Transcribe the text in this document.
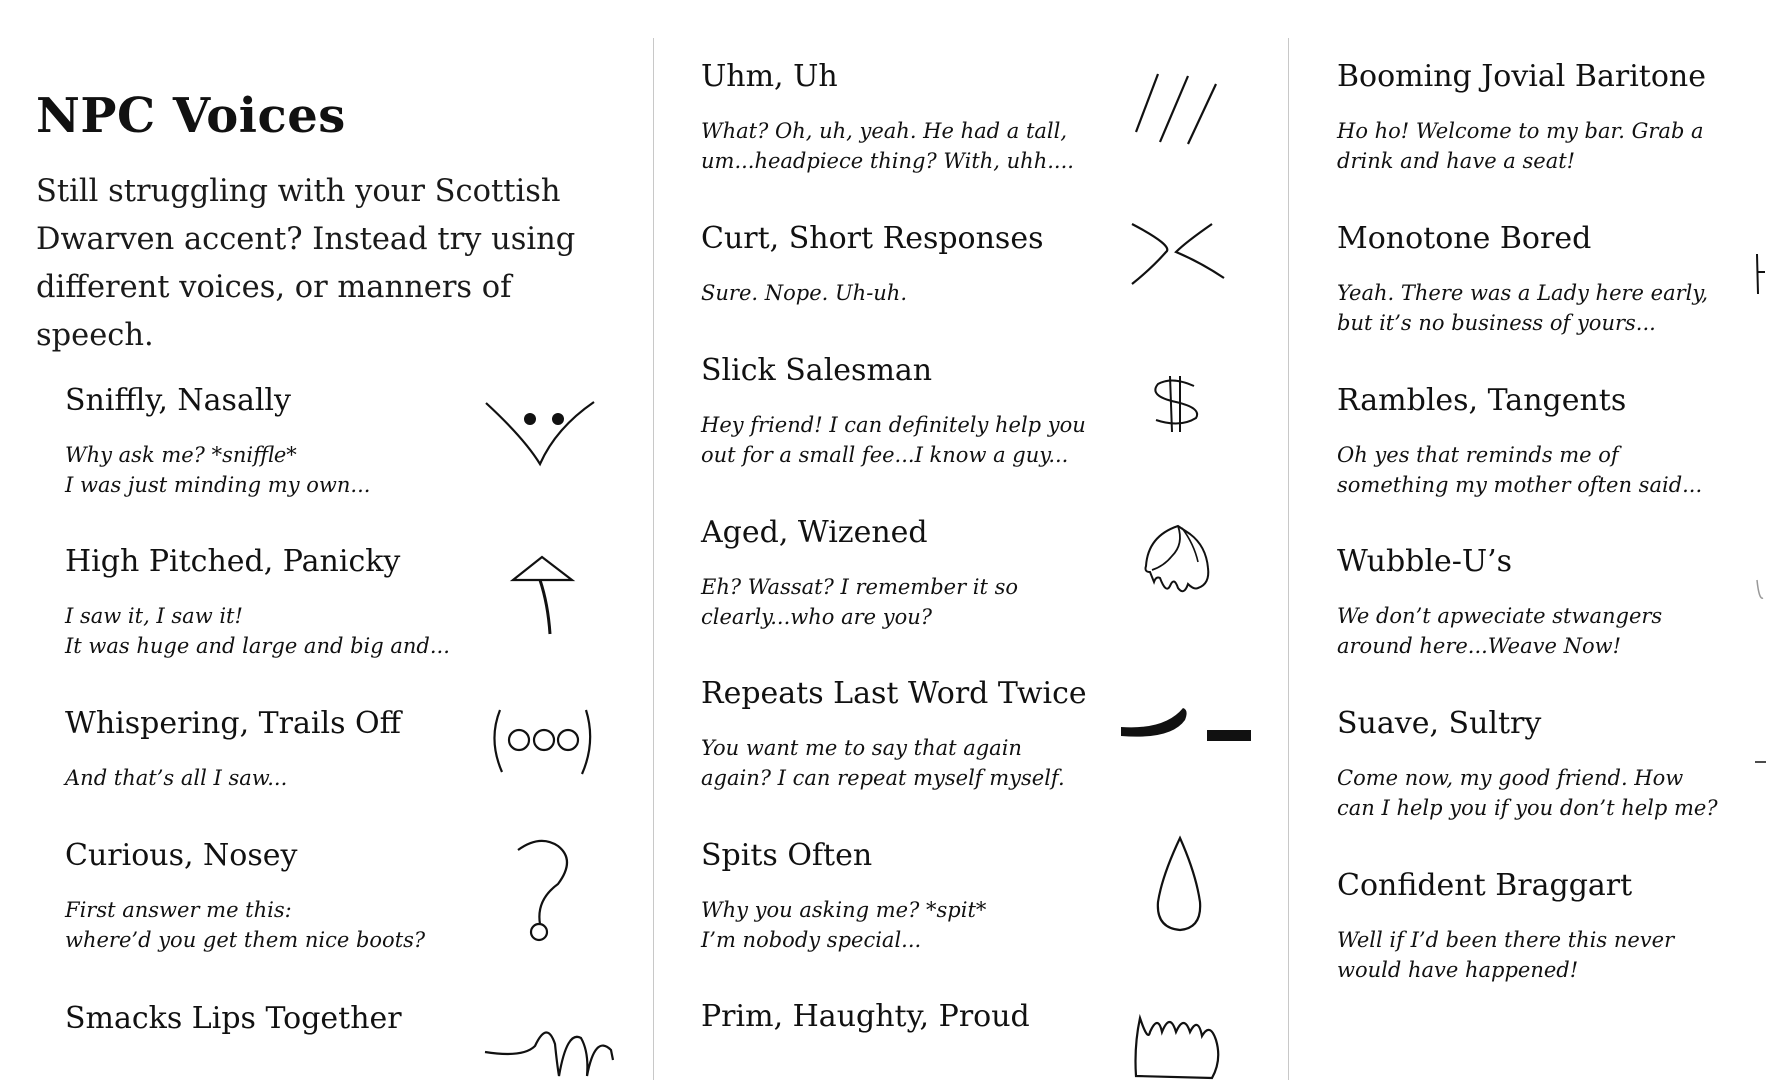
NPC Voices

Still struggling with your Scottish Dwarven accent? Instead try using different voices, or manners of speech.

Sniffly, Nasally

Why ask me? *sniffle*
I was just minding my own...

High Pitched, Panicky

I saw it, I saw it!
It was huge and large and big and...

Whispering, Trails Off

And that’s all I saw...

Curious, Nosey

First answer me this:
where’d you get them nice boots?

Smacks Lips Together

Uhm, Uh

What? Oh, uh, yeah. He had a tall,
um...headpiece thing? With, uhh....

Curt, Short Responses

Sure. Nope. Uh-uh.

Slick Salesman

Hey friend! I can definitely help you
out for a small fee...I know a guy...

Aged, Wizened

Eh? Wassat? I remember it so
clearly...who are you?

Repeats Last Word Twice

You want me to say that again
again? I can repeat myself myself.

Spits Often

Why you asking me? *spit*
I’m nobody special...

Prim, Haughty, Proud

Booming Jovial Baritone

Ho ho! Welcome to my bar. Grab a
drink and have a seat!

Monotone Bored

Yeah. There was a Lady here early,
but it’s no business of yours...

Rambles, Tangents

Oh yes that reminds me of
something my mother often said...

Wubble-U’s

We don’t apweciate stwangers
around here...Weave Now!

Suave, Sultry

Come now, my good friend. How
can I help you if you don’t help me?

Confident Braggart

Well if I’d been there this never
would have happened!
